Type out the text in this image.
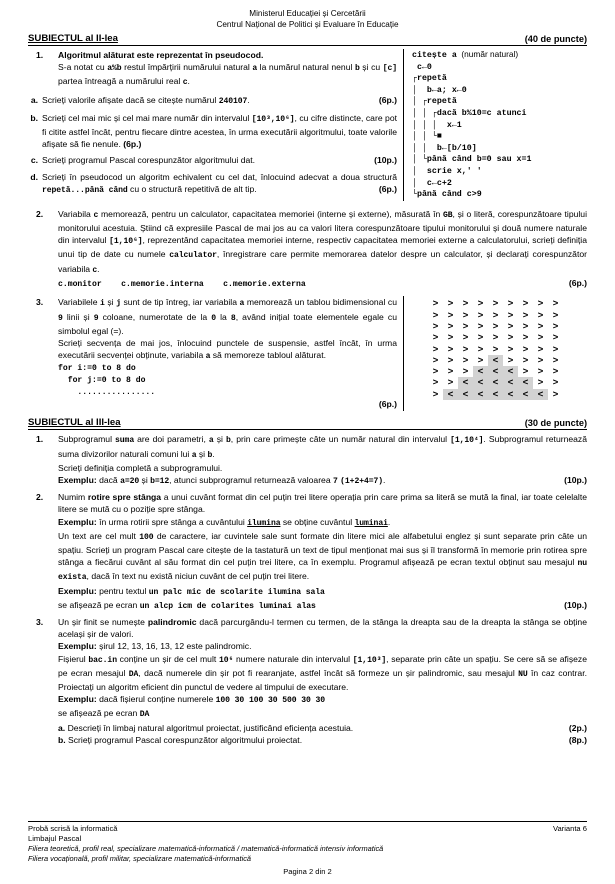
Ministerul Educației și Cercetării
Centrul Național de Politici și Evaluare în Educație
SUBIECTUL al II-lea	(40 de puncte)
1.	Algoritmul alăturat este reprezentat în pseudocod.
S-a notat cu a%b restul împărțirii numărului natural a la numărul natural nenul b și cu [c] partea întreagă a numărului real c.
a. Scrieți valorile afișate dacă se citește numărul 240107.	(6p.)
b. Scrieți cel mai mic și cel mai mare număr din intervalul [10³,10⁶], cu cifre distincte, care pot fi citite astfel încât, pentru fiecare dintre acestea, în urma executării algoritmului, toate valorile afișate să fie nenule. (6p.)
c. Scrieți programul Pascal corespunzător algoritmului dat.	(10p.)
d. Scrieți în pseudocod un algoritm echivalent cu cel dat, înlocuind adecvat a doua structură repetă...până când cu o structură repetitivă de alt tip.	(6p.)
citește a  (număr natural)
c←0
┌repetă
│  b←a; x←0
│ ┌repetă
│ │ ┌dacă b%10=c atunci
│ │ │  x←1
│ │ └■
│ │  b←[b/10]
│ └până când b=0 sau x=1
│  scrie x,' '
│  c←c+2
└până când c>9
2.	Variabila c memorează, pentru un calculator, capacitatea memoriei (interne și externe), măsurată în GB, și o literă, corespunzătoare tipului monitorului acestuia. Știind că expresiile Pascal de mai jos au ca valori litera corespunzătoare tipului monitorului și două numere naturale din intervalul [1,10⁶], reprezentând capacitatea memoriei interne, respectiv capacitatea memoriei externe a calculatorului, scrieți definiția unui tip de date cu numele calculator, înregistrare care permite memorarea datelor despre un calculator, și declarați corespunzător variabila c.
c.monitor    c.memorie.interna    c.memorie.externa	(6p.)
3.	Variabilele i și j sunt de tip întreg, iar variabila a memorează un tablou bidimensional cu 9 linii și 9 coloane, numerotate de la 0 la 8, având inițial toate elementele egale cu simbolul egal (=).
Scrieți secvența de mai jos, înlocuind punctele de suspensie, astfel încât, în urma executării secvenței obținute, variabila a să memoreze tabloul alăturat.
for i:=0 to 8 do
for j:=0 to 8 do
................
(6p.)
>	>	>	>	>	>	>	>	>
>	>	>	>	>	>	>	>	>
>	>	>	>	>	>	>	>	>
>	>	>	>	>	>	>	>	>
>	>	>	>	>	>	>	>	>
>	>	>	>	<	>	>	>	>
>	>	>	<	<	<	>	>	>
>	>	<	<	<	<	<	>	>
>	<	<	<	<	<	<	<	>
SUBIECTUL al III-lea	(30 de puncte)
1.	Subprogramul suma are doi parametri, a și b, prin care primește câte un număr natural din intervalul [1,10⁴]. Subprogramul returnează suma divizorilor naturali comuni lui a și b.
Scrieți definiția completă a subprogramului.
Exemplu: dacă a=20 și b=12, atunci subprogramul returnează valoarea 7 (1+2+4=7).	(10p.)
2.	Numim rotire spre stânga a unui cuvânt format din cel puțin trei litere operația prin care prima sa literă se mută la final, iar toate celelalte litere se mută cu o poziție spre stânga.
Exemplu: în urma rotirii spre stânga a cuvântului ilumina se obține cuvântul luminai.
Un text are cel mult 100 de caractere, iar cuvintele sale sunt formate din litere mici ale alfabetului englez și sunt separate prin câte un spațiu. Scrieți un program Pascal care citește de la tastatură un text de tipul menționat mai sus și îl transformă în memorie prin rotirea spre stânga a fiecărui cuvânt al său format din cel puțin trei litere, ca în exemplu. Programul afișează pe ecran textul obținut sau mesajul nu exista, dacă în text nu există niciun cuvânt de cel puțin trei litere.
Exemplu: pentru textul un palc mic de scolarite ilumina sala
se afișează pe ecran un alcp icm de colarites luminai alas	(10p.)
3.	Un șir finit se numește palindromic dacă parcurgându-l termen cu termen, de la stânga la dreapta sau de la dreapta la stânga se obține același șir de valori.
Exemplu: șirul 12, 13, 16, 13, 12 este palindromic.
Fișierul bac.in conține un șir de cel mult 10⁶ numere naturale din intervalul [1,10³], separate prin câte un spațiu. Se cere să se afișeze pe ecran mesajul DA, dacă numerele din șir pot fi rearanjate, astfel încât să formeze un șir palindromic, sau mesajul NU în caz contrar. Proiectați un algoritm eficient din punctul de vedere al timpului de executare.
Exemplu: dacă fișierul conține numerele 100 30 100 30 500 30 30
se afișează pe ecran DA
a. Descrieți în limbaj natural algoritmul proiectat, justificând eficiența acestuia.	(2p.)
b. Scrieți programul Pascal corespunzător algoritmului proiectat.	(8p.)
Probă scrisă la informatică	Varianta 6
Limbajul Pascal
Filiera teoretică, profil real, specializare matematică-informatică / matematică-informatică intensiv informatică
Filiera vocațională, profil militar, specializare matematică-informatică
Pagina 2 din 2
